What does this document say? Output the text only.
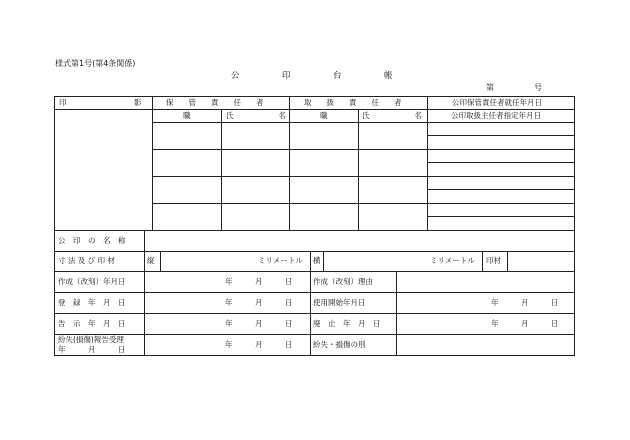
様式第1号(第4条関係)
公　　　　　印　　　　　台　　　　　帳
第　　　　　号
印　　　　　　　　　影	保　　管　　責　　任　　者	取　　扱　　責　　任　　者	公印保管責任者就任年月日
職	氏　　　　　　名	職	氏　　　　　　名	公印取扱主任者指定年月日
公　印　の　名　称
寸 法 及 び 印 材	縦	ミリメートル 横	ミリメートル 印材
作成（改刻）年月日	年　　　月　　　日	作成（改刻）理由
登　録　年　月　日	年　　　月　　　日	使用開始年月日	年　　　月　　　日
告　示　年　月　日	年　　　月　　　日	廃　止　年　月　日	年　　　月　　　日
紛失(損傷)報告受理
年　　　月　　　日
年　　　月　　　日	紛失・損傷の別
